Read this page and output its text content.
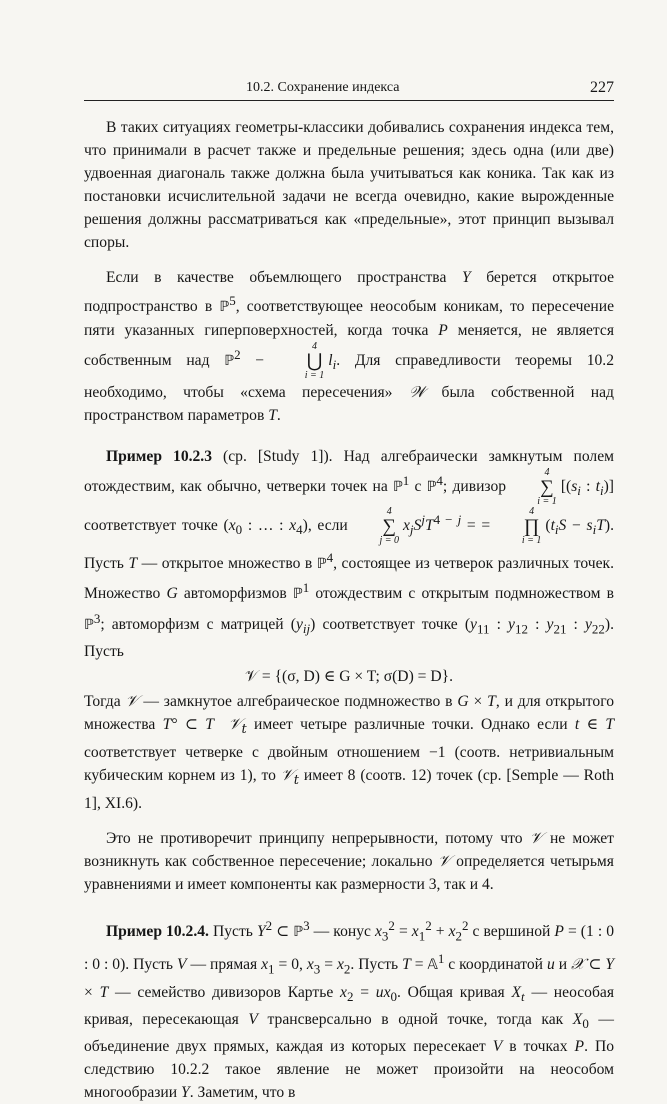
10.2. Сохранение индекса	227

В таких ситуациях геометры-классики добивались сохранения индекса тем, что принимали в расчет также и предельные решения; здесь одна (или две) удвоенная диагональ также должна была учитываться как коника. Так как из постановки исчислительной задачи не всегда очевидно, какие вырожденные решения должны рассматриваться как «предельные», этот принцип вызывал споры.

Если в качестве объемлющего пространства Y берется открытое подпространство в ℙ$^5$, соответствующее неособым коникам, то пересечение пяти указанных гиперповерхностей, когда точка P меняется, не является собственным над ℙ$^2$ −
4
⋃
i = 1
$l_i$. Для справедливости теоремы 10.2 необходимо, чтобы «схема пересечения» 𝒲 была собственной над пространством параметров T.

Пример 10.2.3 (ср. [Study 1]). Над алгебраически замкнутым полем отождествим, как обычно, четверки точек на ℙ$^1$ с ℙ$^4$; дивизор
4
∑
i = 1
[($s_i$ : $t_i$)] соответствует точке ($x_0$ : … : $x_4$), если
4
∑
j = 0
$x_jS^jT^{4 - j}$ = =
4
∏
i = 1
$(t_iS - s_iT)$. Пусть T — открытое множество в ℙ$^4$, состоящее из четверок различных точек. Множество G автоморфизмов ℙ$^1$ отождествим с открытым подмножеством в ℙ$^3$; автоморфизм с матрицей $(y_{ij})$ соответствует точке ($y_{11}$ : $y_{12}$ : $y_{21}$ : $y_{22}$). Пусть

𝒱 = {(σ, D) ∈ G × T; σ(D) = D}.

Тогда 𝒱 — замкнутое алгебраическое подмножество в G × T, и для открытого множества T° ⊂ T 𝒱$_t$ имеет четыре различные точки. Однако если t ∈ T соответствует четверке с двойным отношением −1 (соотв. нетривиальным кубическим корнем из 1), то 𝒱$_t$ имеет 8 (соотв. 12) точек (ср. [Semple — Roth 1], XI.6).

Это не противоречит принципу непрерывности, потому что 𝒱 не может возникнуть как собственное пересечение; локально 𝒱 определяется четырьмя уравнениями и имеет компоненты как размерности 3, так и 4.

Пример 10.2.4. Пусть $Y^2$ ⊂ ℙ$^3$ — конус $x_3^2 = x_1^2 + x_2^2$ с вершиной P = (1 : 0 : 0 : 0). Пусть V — прямая $x_1 = 0$, $x_3 = x_2$. Пусть T = 𝔸$^1$ с координатой u и 𝒳 ⊂ Y × T — семейство дивизоров Картье $x_2 = ux_0$. Общая кривая $X_t$ — неособая кривая, пересекающая V трансверсально в одной точке, тогда как $X_0$ — объединение двух прямых, каждая из которых пересекает V в точках P. По следствию 10.2.2 такое явление не может произойти на неособом многообразии Y. Заметим, что в
